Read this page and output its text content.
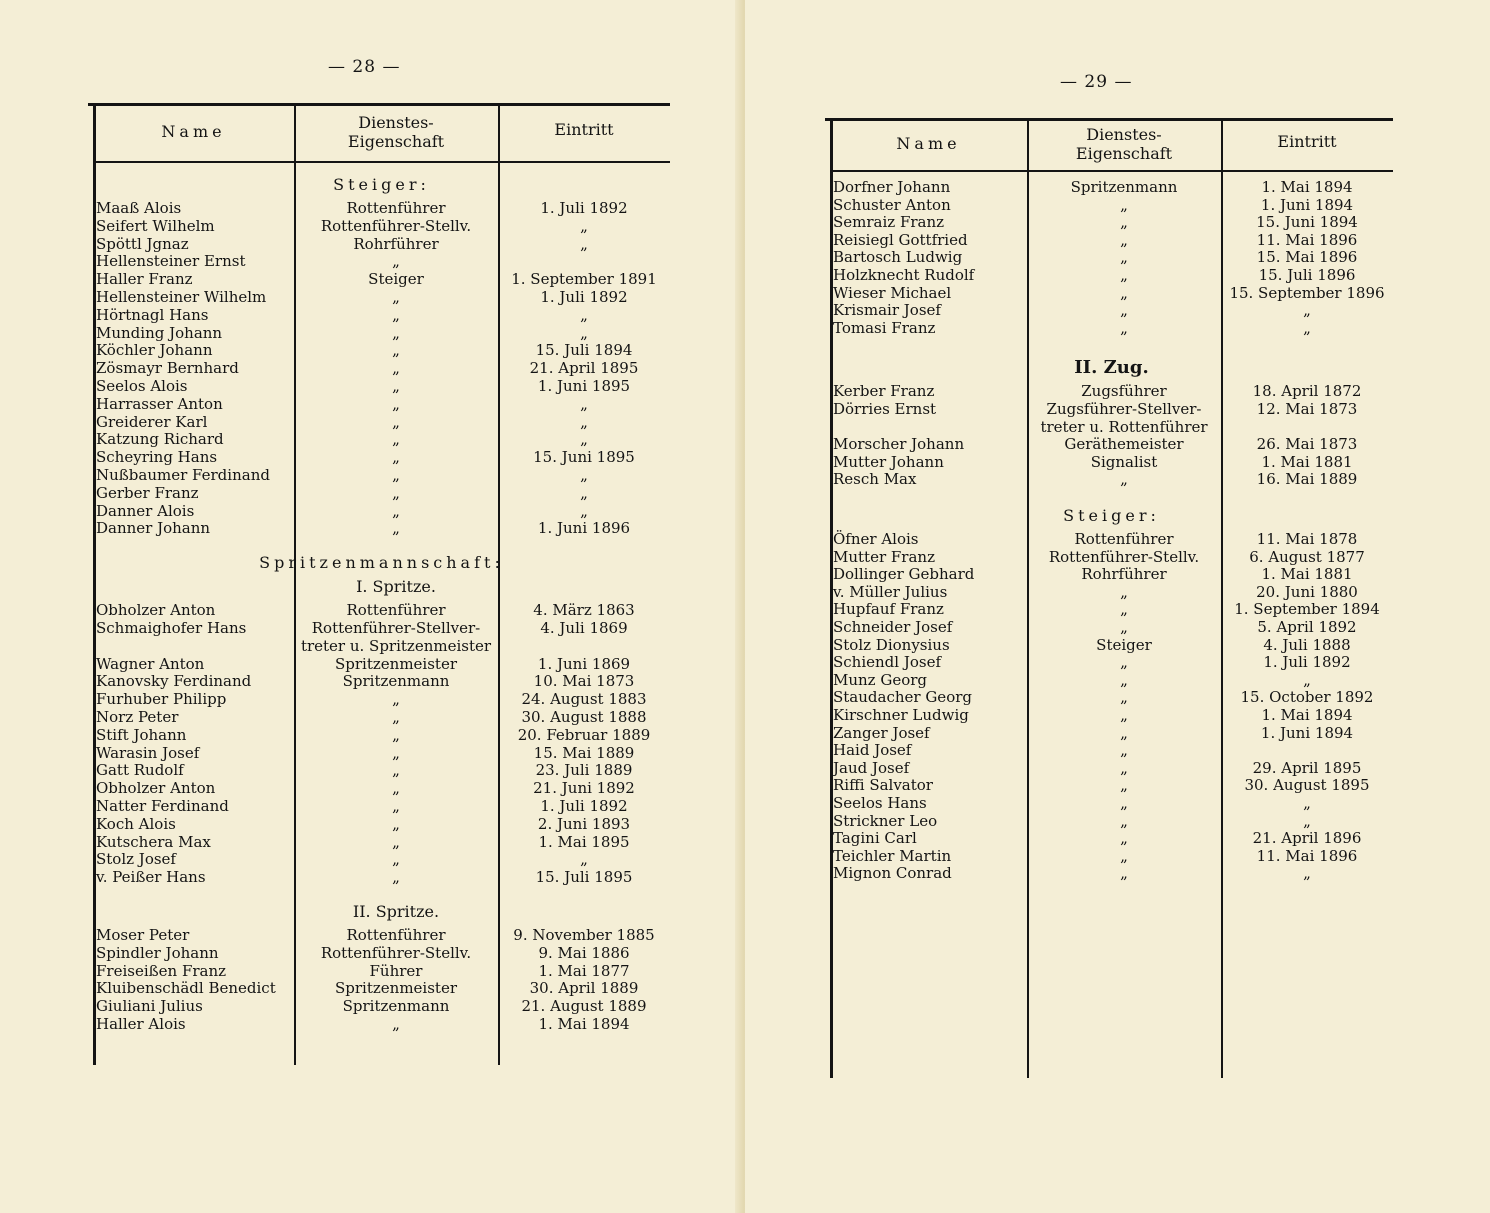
— 28 —
Name	Dienstes-
Eigenschaft
Eintritt
Steiger:
Maaß Alois	Rottenführer	1. Juli 1892
Seifert Wilhelm	Rottenführer-Stellv.	„
Spöttl Jgnaz	Rohrführer	„
Hellensteiner Ernst	„
Haller Franz	Steiger	1. September 1891
Hellensteiner Wilhelm	„	1. Juli 1892
Hörtnagl Hans	„	„
Munding Johann	„	„
Köchler Johann	„	15. Juli 1894
Zösmayr Bernhard	„	21. April 1895
Seelos Alois	„	1. Juni 1895
Harrasser Anton	„	„
Greiderer Karl	„	„
Katzung Richard	„	„
Scheyring Hans	„	15. Juni 1895
Nußbaumer Ferdinand	„	„
Gerber Franz	„	„
Danner Alois	„	„
Danner Johann	„	1. Juni 1896
Spritzenmannschaft:
I. Spritze.
Obholzer Anton	Rottenführer	4. März 1863
Schmaighofer Hans	Rottenführer-Stellver-	4. Juli 1869
treter u. Spritzenmeister
Wagner Anton	Spritzenmeister	1. Juni 1869
Kanovsky Ferdinand	Spritzenmann	10. Mai 1873
Furhuber Philipp	„	24. August 1883
Norz Peter	„	30. August 1888
Stift Johann	„	20. Februar 1889
Warasin Josef	„	15. Mai 1889
Gatt Rudolf	„	23. Juli 1889
Obholzer Anton	„	21. Juni 1892
Natter Ferdinand	„	1. Juli 1892
Koch Alois	„	2. Juni 1893
Kutschera Max	„	1. Mai 1895
Stolz Josef	„	„
v. Peißer Hans	„	15. Juli 1895
II. Spritze.
Moser Peter	Rottenführer	9. November 1885
Spindler Johann	Rottenführer-Stellv.	9. Mai 1886
Freiseißen Franz	Führer	1. Mai 1877
Kluibenschädl Benedict	Spritzenmeister	30. April 1889
Giuliani Julius	Spritzenmann	21. August 1889
Haller Alois	„	1. Mai 1894
— 29 —
Name	Dienstes-
Eigenschaft
Eintritt
Dorfner Johann	Spritzenmann	1. Mai 1894
Schuster Anton	„	1. Juni 1894
Semraiz Franz	„	15. Juni 1894
Reisiegl Gottfried	„	11. Mai 1896
Bartosch Ludwig	„	15. Mai 1896
Holzknecht Rudolf	„	15. Juli 1896
Wieser Michael	„	15. September 1896
Krismair Josef	„	„
Tomasi Franz	„	„
II. Zug.
Kerber Franz	Zugsführer	18. April 1872
Dörries Ernst	Zugsführer-Stellver-	12. Mai 1873
treter u. Rottenführer
Morscher Johann	Geräthemeister	26. Mai 1873
Mutter Johann	Signalist	1. Mai 1881
Resch Max	„	16. Mai 1889
Steiger:
Öfner Alois	Rottenführer	11. Mai 1878
Mutter Franz	Rottenführer-Stellv.	6. August 1877
Dollinger Gebhard	Rohrführer	1. Mai 1881
v. Müller Julius	„	20. Juni 1880
Hupfauf Franz	„	1. September 1894
Schneider Josef	„	5. April 1892
Stolz Dionysius	Steiger	4. Juli 1888
Schiendl Josef	„	1. Juli 1892
Munz Georg	„	„
Staudacher Georg	„	15. October 1892
Kirschner Ludwig	„	1. Mai 1894
Zanger Josef	„	1. Juni 1894
Haid Josef	„
Jaud Josef	„	29. April 1895
Riffi Salvator	„	30. August 1895
Seelos Hans	„	„
Strickner Leo	„	„
Tagini Carl	„	21. April 1896
Teichler Martin	„	11. Mai 1896
Mignon Conrad	„	„
